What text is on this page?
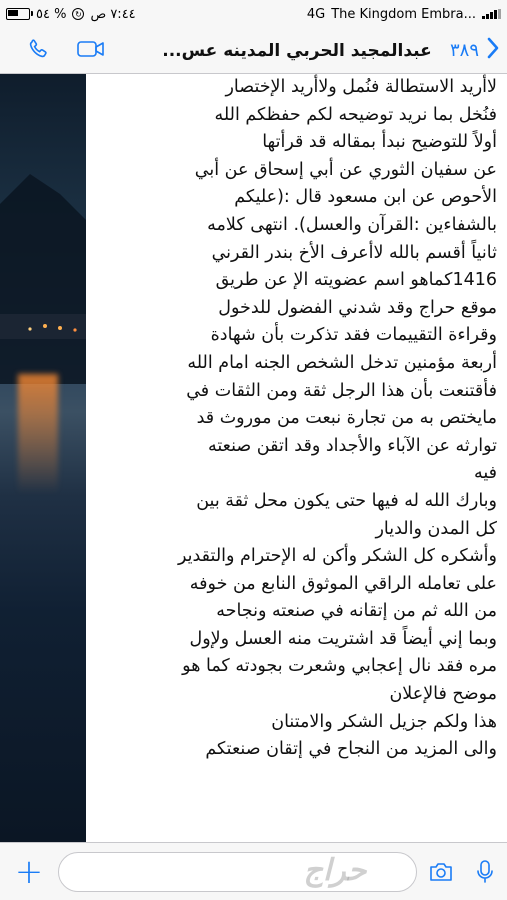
٥٤ %	↻ ٧:٤٤ ص	4G The Kingdom Embra...
عبدالمجيد الحربي المدينه عس...	٣٨٩
لاأريد الاستطالة فنُمل ولاأريد الإختصار
فنُخل بما نريد توضيحه لكم حفظكم الله
أولاً للتوضيح نبدأ بمقاله قد قرأتها
عن سفيان الثوري عن أبي إسحاق عن أبي
الأحوص عن ابن مسعود قال :(عليكم
بالشفاءين :القرآن والعسل). انتهى كلامه
ثانياً أقسم بالله لاأعرف الأخ بندر القرني
1416كماهو اسم عضويته الإ عن طريق
موقع حراج وقد شدني الفضول للدخول
وقراءة التقييمات فقد تذكرت بأن شهادة
أربعة مؤمنين تدخل الشخص الجنه امام الله
فأقتنعت بأن هذا الرجل ثقة ومن الثقات في
مايختص به من تجارة نبعت من موروث قد
توارثه عن الآباء والأجداد وقد اتقن صنعته
فيه
وبارك الله له فيها حتى يكون محل ثقة بين
كل المدن والديار
وأشكره كل الشكر وأكن له الإحترام والتقدير
على تعامله الراقي الموثوق النابع من خوفه
من الله ثم من إتقانه في صنعته ونجاحه
وبما إني أيضاً قد اشتريت منه العسل ولإول
مره فقد نال إعجابي وشعرت بجودته كما هو
موضح فالإعلان
هذا ولكم جزيل الشكر والامتنان
والى المزيد من النجاح في إتقان صنعتكم
+	حراج
